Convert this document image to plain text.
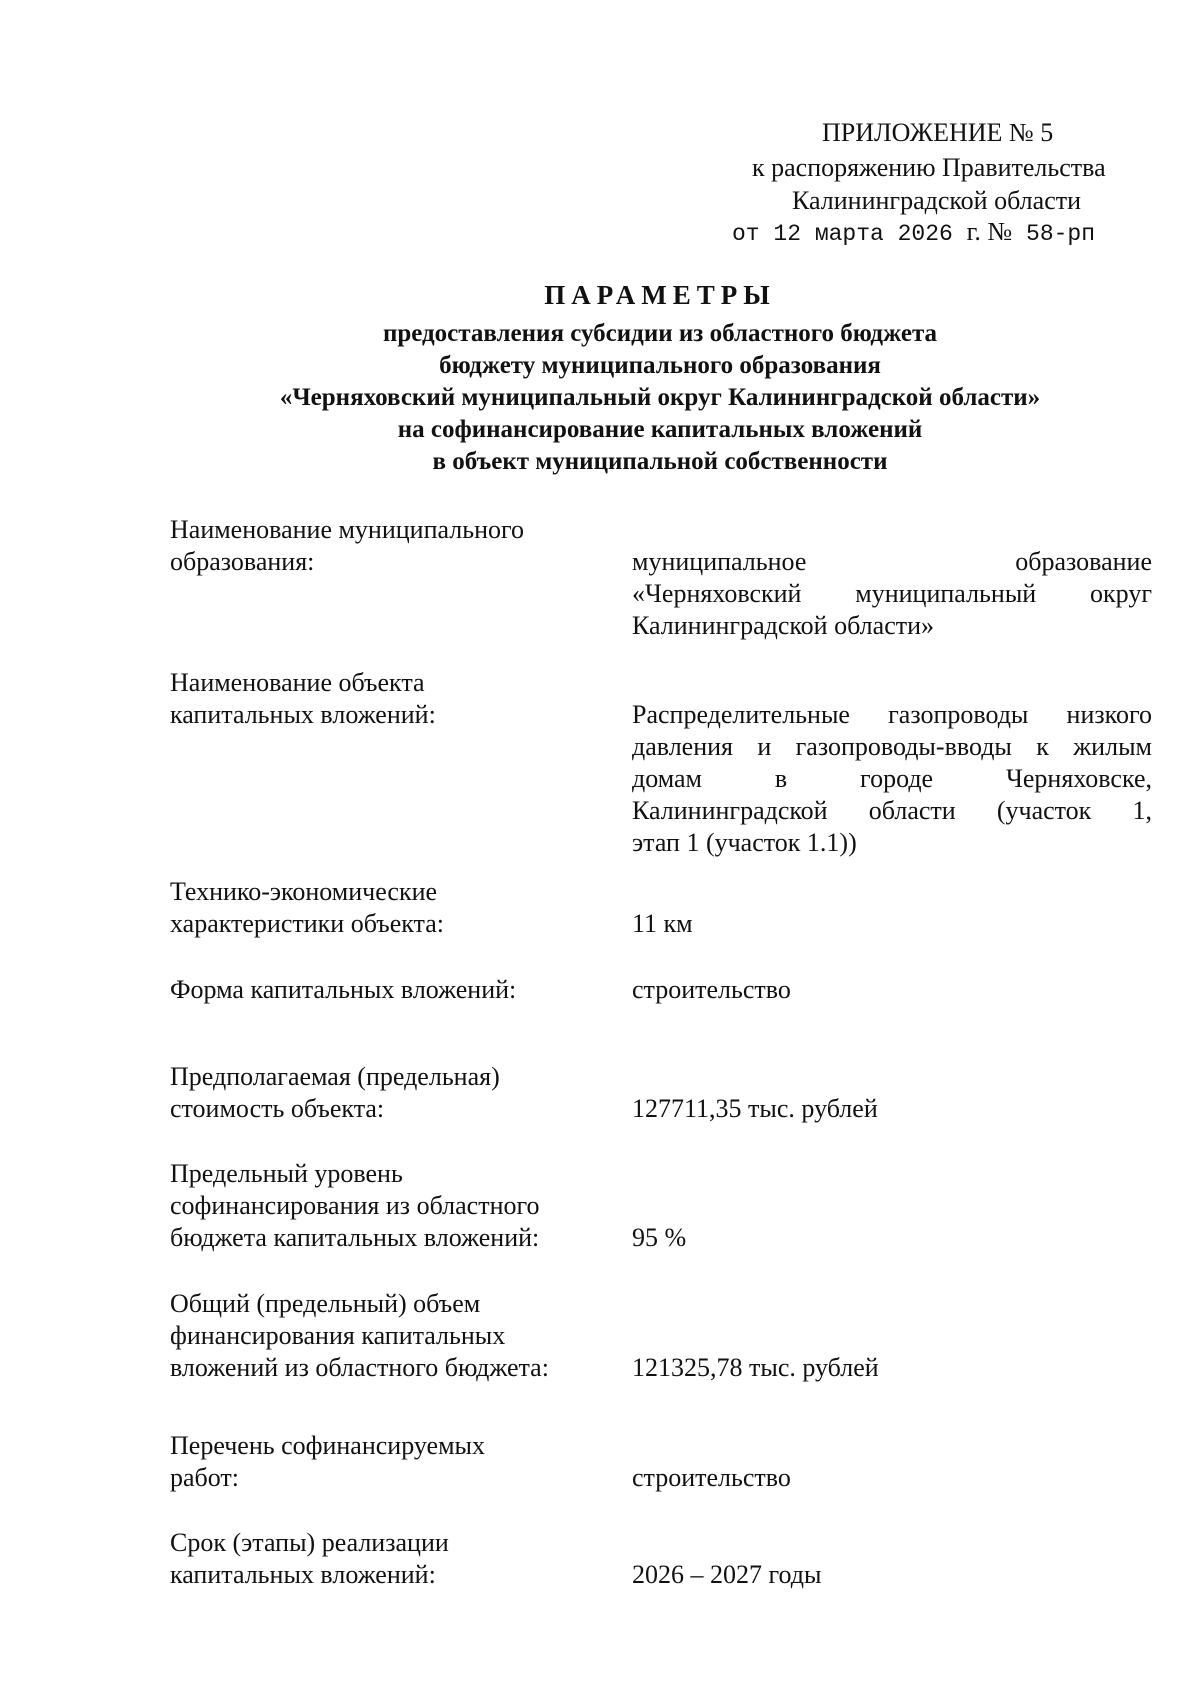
ПРИЛОЖЕНИЕ № 5
к распоряжению Правительства
Калининградской области
от 12 марта 2026 г. № 58-рп
ПАРАМЕТРЫ
предоставления субсидии из областного бюджета
бюджету муниципального образования
«Черняховский муниципальный округ Калининградской области»
на софинансирование капитальных вложений
в объект муниципальной собственности
Наименование муниципального
образования:	муниципальное образование
«Черняховский муниципальный округ
Калининградской области»
Наименование объекта
капитальных вложений:	Распределительные газопроводы низкого
давления и газопроводы-вводы к жилым
домам в городе Черняховске,
Калининградской области (участок 1,
этап 1 (участок 1.1))
Технико-экономические
характеристики объекта:	11 км
Форма капитальных вложений:	строительство
Предполагаемая (предельная)
стоимость объекта:	127711,35 тыс. рублей
Предельный уровень
софинансирования из областного
бюджета капитальных вложений:	95 %
Общий (предельный) объем
финансирования капитальных
вложений из областного бюджета:	121325,78 тыс. рублей
Перечень софинансируемых
работ:	строительство
Срок (этапы) реализации
капитальных вложений:	2026 – 2027 годы
